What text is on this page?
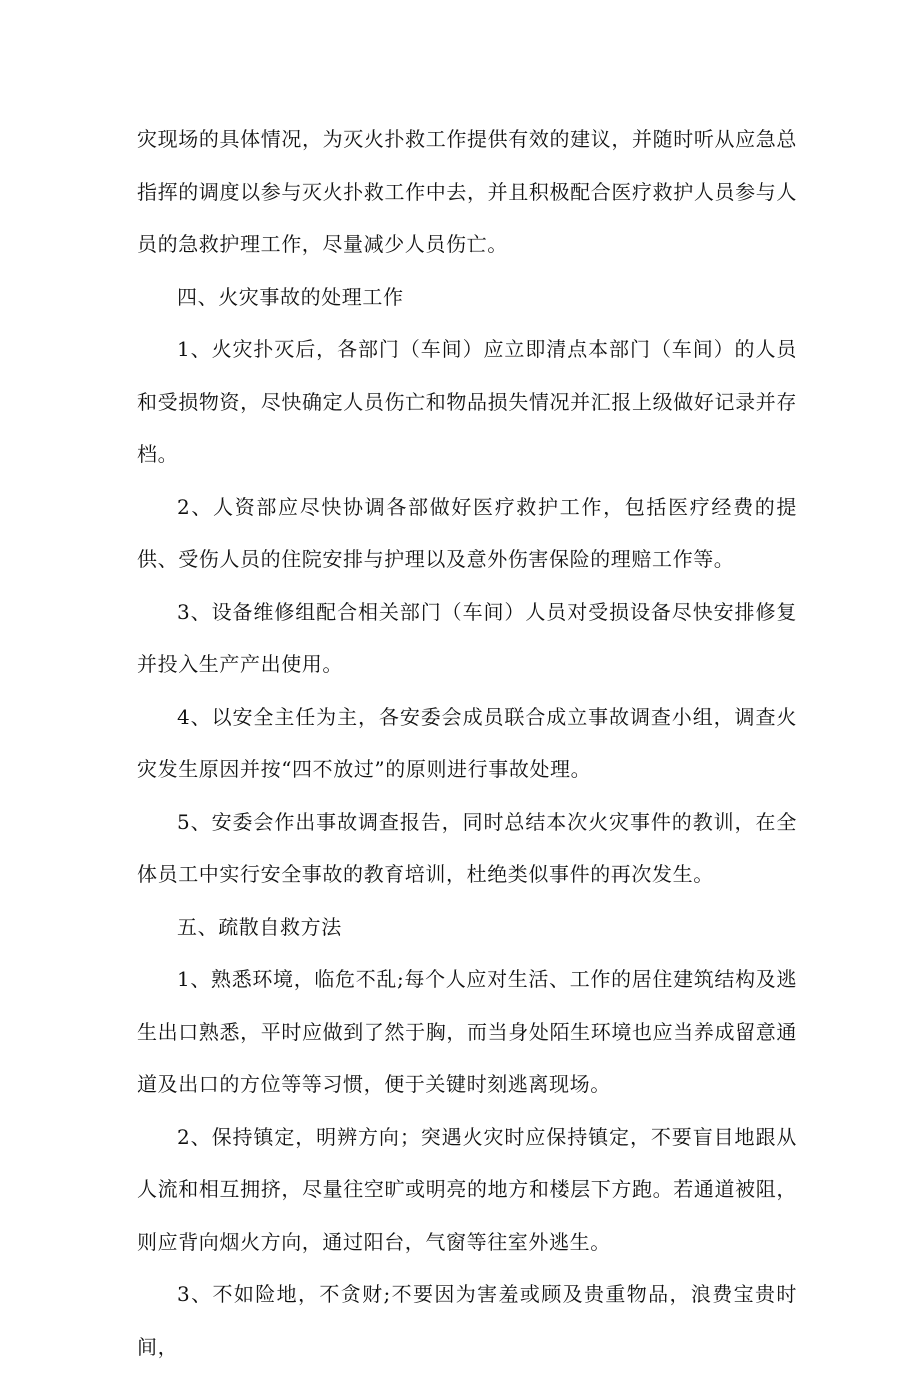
灾现场的具体情况，为灭火扑救工作提供有效的建议，并随时听从应急总指挥的调度以参与灭火扑救工作中去，并且积极配合医疗救护人员参与人员的急救护理工作，尽量减少人员伤亡。

四、火灾事故的处理工作

1、火灾扑灭后，各部门（车间）应立即清点本部门（车间）的人员和受损物资，尽快确定人员伤亡和物品损失情况并汇报上级做好记录并存档。

2、人资部应尽快协调各部做好医疗救护工作，包括医疗经费的提供、受伤人员的住院安排与护理以及意外伤害保险的理赔工作等。

3、设备维修组配合相关部门（车间）人员对受损设备尽快安排修复并投入生产产出使用。

4、以安全主任为主，各安委会成员联合成立事故调查小组，调查火灾发生原因并按“四不放过”的原则进行事故处理。

5、安委会作出事故调查报告，同时总结本次火灾事件的教训，在全体员工中实行安全事故的教育培训，杜绝类似事件的再次发生。

五、疏散自救方法

1、熟悉环境，临危不乱;每个人应对生活、工作的居住建筑结构及逃生出口熟悉，平时应做到了然于胸，而当身处陌生环境也应当养成留意通道及出口的方位等等习惯，便于关键时刻逃离现场。

2、保持镇定，明辨方向；突遇火灾时应保持镇定，不要盲目地跟从人流和相互拥挤，尽量往空旷或明亮的地方和楼层下方跑。若通道被阻，则应背向烟火方向，通过阳台，气窗等往室外逃生。

3、不如险地，不贪财;不要因为害羞或顾及贵重物品，浪费宝贵时间，
